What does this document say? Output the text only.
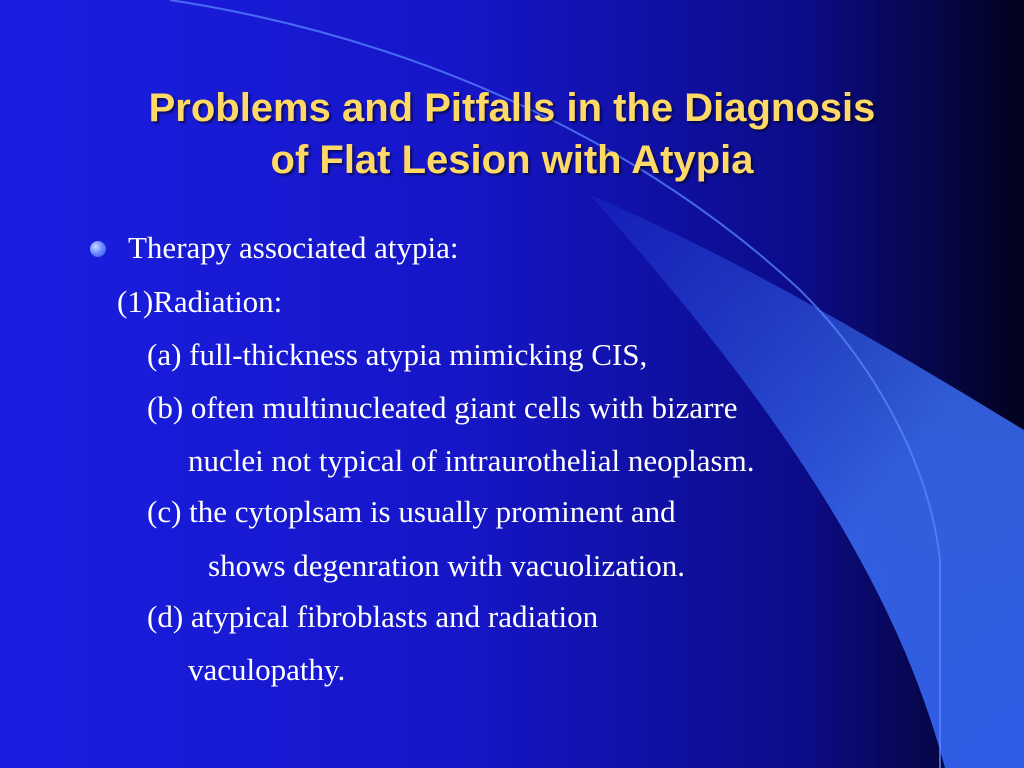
Problems and Pitfalls in the Diagnosis
of Flat Lesion with Atypia
Therapy associated atypia:
(1)Radiation:
(a) full-thickness atypia mimicking CIS,
(b) often multinucleated giant cells with bizarre
nuclei not typical of intraurothelial neoplasm.
(c) the cytoplsam is usually prominent and
shows degenration with vacuolization.
(d) atypical fibroblasts and radiation
vaculopathy.
